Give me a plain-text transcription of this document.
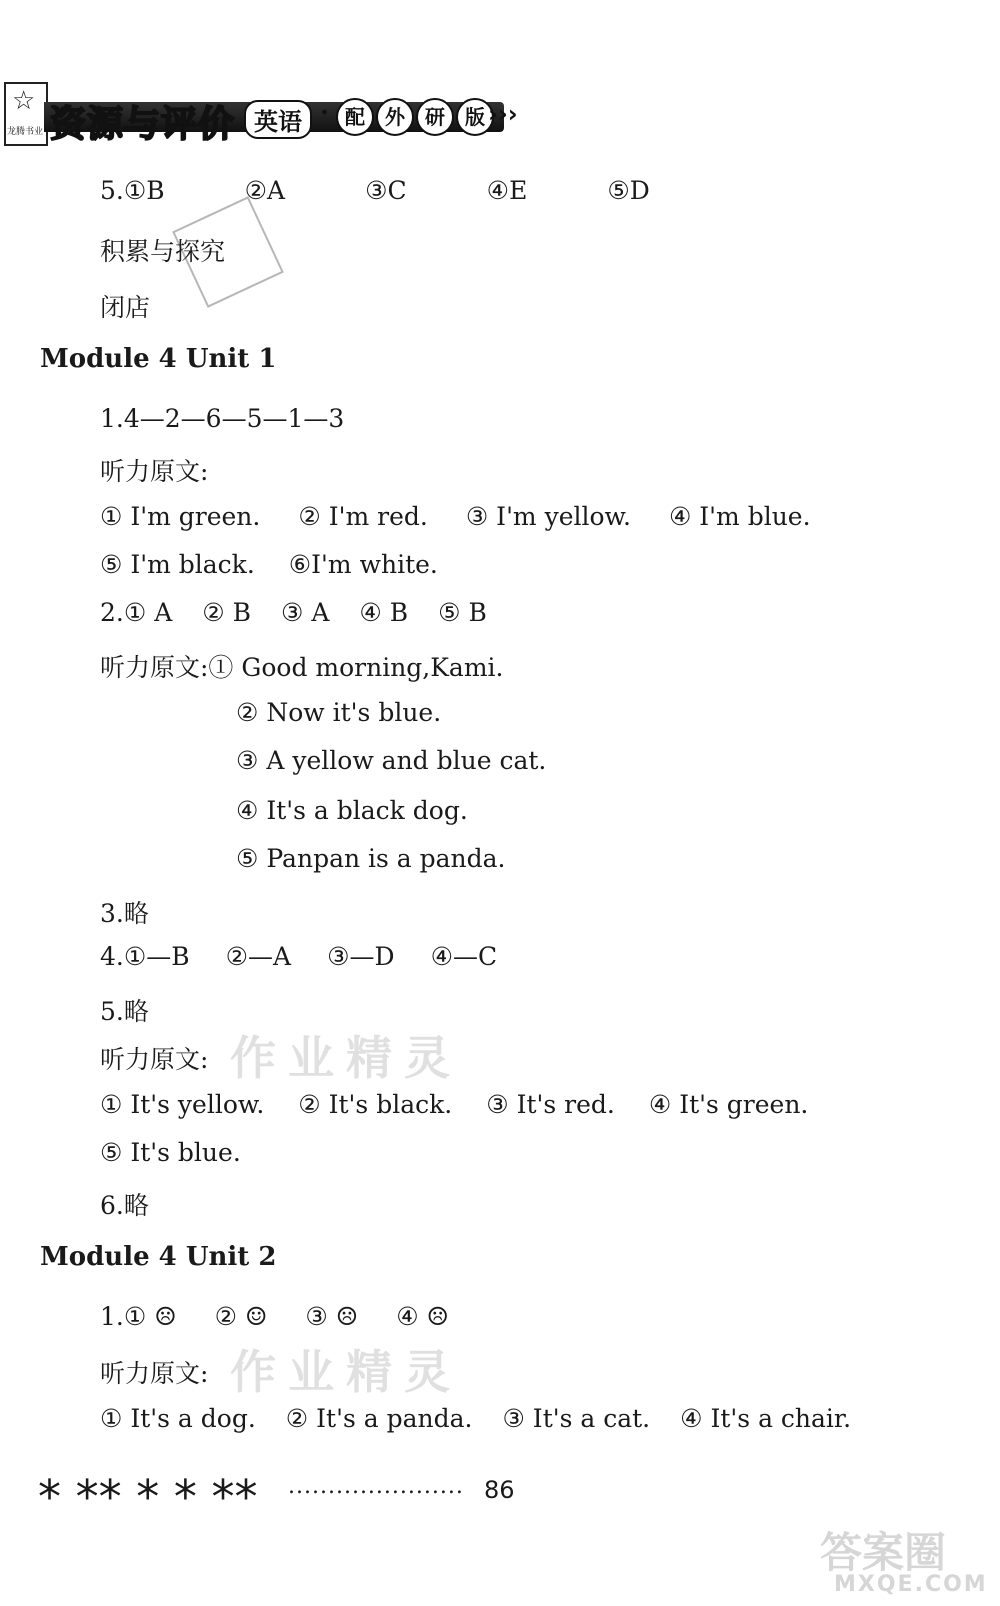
☆
龙腾书业 资源与评价 英语 · 配	外	研	版 ›››
5.①B	②A	③C	④E	⑤D
积累与探究
闭店
Module 4 Unit 1
1.4—2—6—5—1—3
听力原文:
① I'm green. ② I'm red. ③ I'm yellow. ④ I'm blue.
⑤ I'm black. ⑥I'm white.
2.① A ② B ③ A ④ B ⑤ B
听力原文:① Good morning,Kami.
② Now it's blue.
③ A yellow and blue cat.
④ It's a black dog.
⑤ Panpan is a panda.
3.略
4.①—B ②—A ③—D ④—C
5.略
听力原文:
① It's yellow. ② It's black. ③ It's red. ④ It's green.
⑤ It's blue.
6.略
Module 4 Unit 2
1.① ☹ ② ☺ ③ ☹ ④ ☹
听力原文:
① It's a dog. ② It's a panda. ③ It's a cat. ④ It's a chair.
作业精灵
作业精灵
* ** * * ** ...................... 86
答案圈
MXQE.COM
